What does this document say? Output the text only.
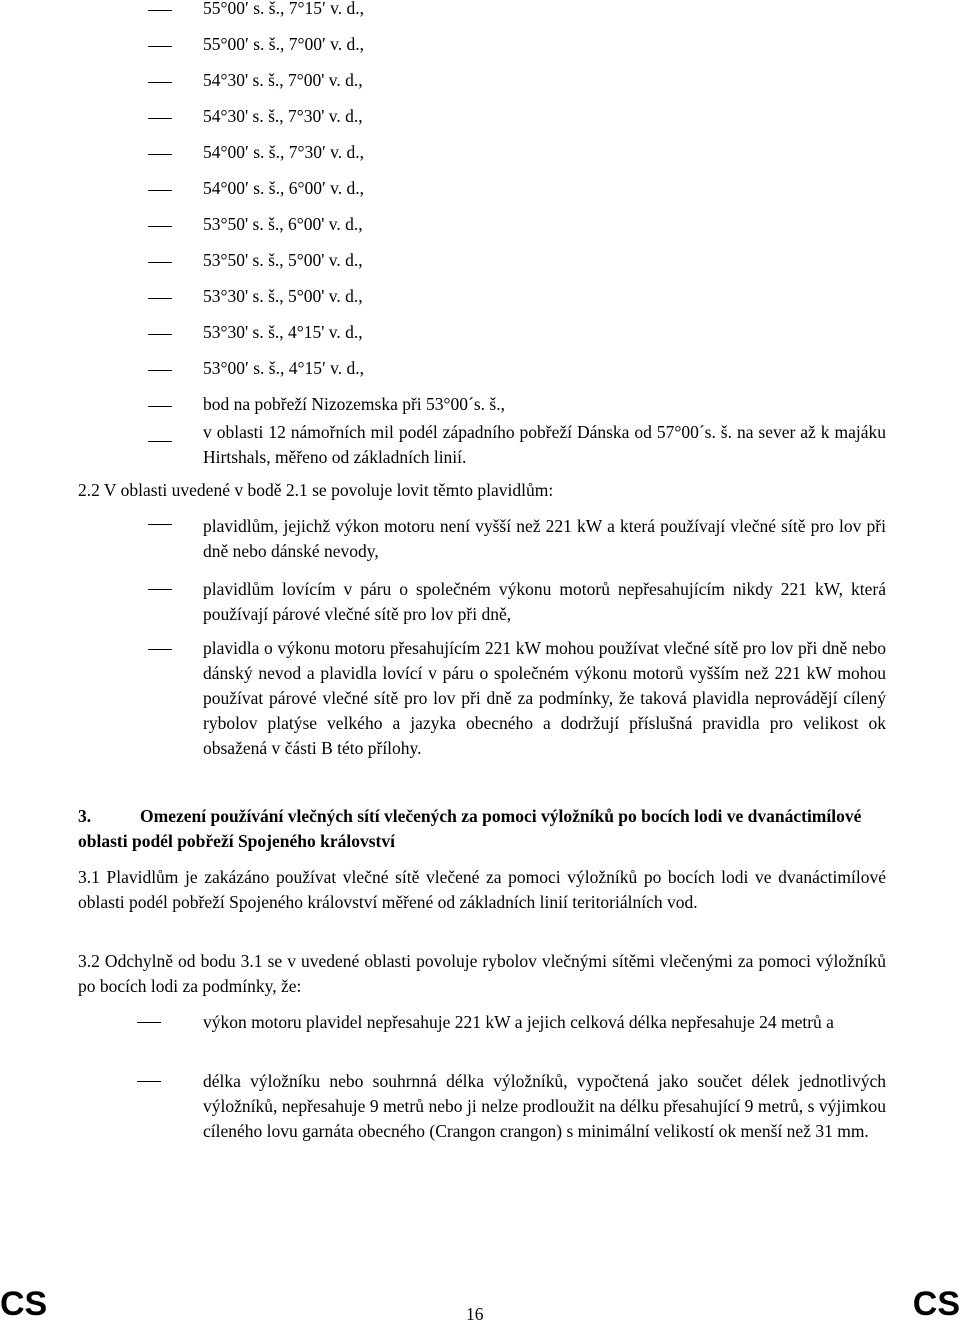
55°00′ s. š., 7°15′ v. d.,
55°00′ s. š., 7°00′ v. d.,
54°30' s. š., 7°00' v. d.,
54°30' s. š., 7°30' v. d.,
54°00′ s. š., 7°30′ v. d.,
54°00′ s. š., 6°00′ v. d.,
53°50' s. š., 6°00' v. d.,
53°50' s. š., 5°00' v. d.,
53°30' s. š., 5°00' v. d.,
53°30' s. š., 4°15' v. d.,
53°00′ s. š., 4°15′ v. d.,
bod na pobřeží Nizozemska při 53°00´s. š.,
v oblasti 12 námořních mil podél západního pobřeží Dánska od 57°00´s. š. na sever až k majáku Hirtshals, měřeno od základních linií.
2.2 V oblasti uvedené v bodě 2.1 se povoluje lovit těmto plavidlům:
plavidlům, jejichž výkon motoru není vyšší než 221 kW a která používají vlečné sítě pro lov při dně nebo dánské nevody,
plavidlům lovícím v páru o společném výkonu motorů nepřesahujícím nikdy 221 kW, která používají párové vlečné sítě pro lov při dně,
plavidla o výkonu motoru přesahujícím 221 kW mohou používat vlečné sítě pro lov při dně nebo dánský nevod a plavidla lovící v páru o společném výkonu motorů vyšším než 221 kW mohou používat párové vlečné sítě pro lov při dně za podmínky, že taková plavidla neprovádějí cílený rybolov platýse velkého a jazyka obecného a dodržují příslušná pravidla pro velikost ok obsažená v části B této přílohy.
3.	Omezení používání vlečných sítí vlečených za pomoci výložníků po bocích lodi ve dvanáctimílové oblasti podél pobřeží Spojeného království
3.1 Plavidlům je zakázáno používat vlečné sítě vlečené za pomoci výložníků po bocích lodi ve dvanáctimílové oblasti podél pobřeží Spojeného království měřené od základních linií teritoriálních vod.
3.2 Odchylně od bodu 3.1 se v uvedené oblasti povoluje rybolov vlečnými sítěmi vlečenými za pomoci výložníků po bocích lodi za podmínky, že:
výkon motoru plavidel nepřesahuje 221 kW a jejich celková délka nepřesahuje 24 metrů a
délka výložníku nebo souhrnná délka výložníků, vypočtená jako součet délek jednotlivých výložníků, nepřesahuje 9 metrů nebo ji nelze prodloužit na délku přesahující 9 metrů, s výjimkou cíleného lovu garnáta obecného (Crangon crangon) s minimální velikostí ok menší než 31 mm.
CS	16	CS
